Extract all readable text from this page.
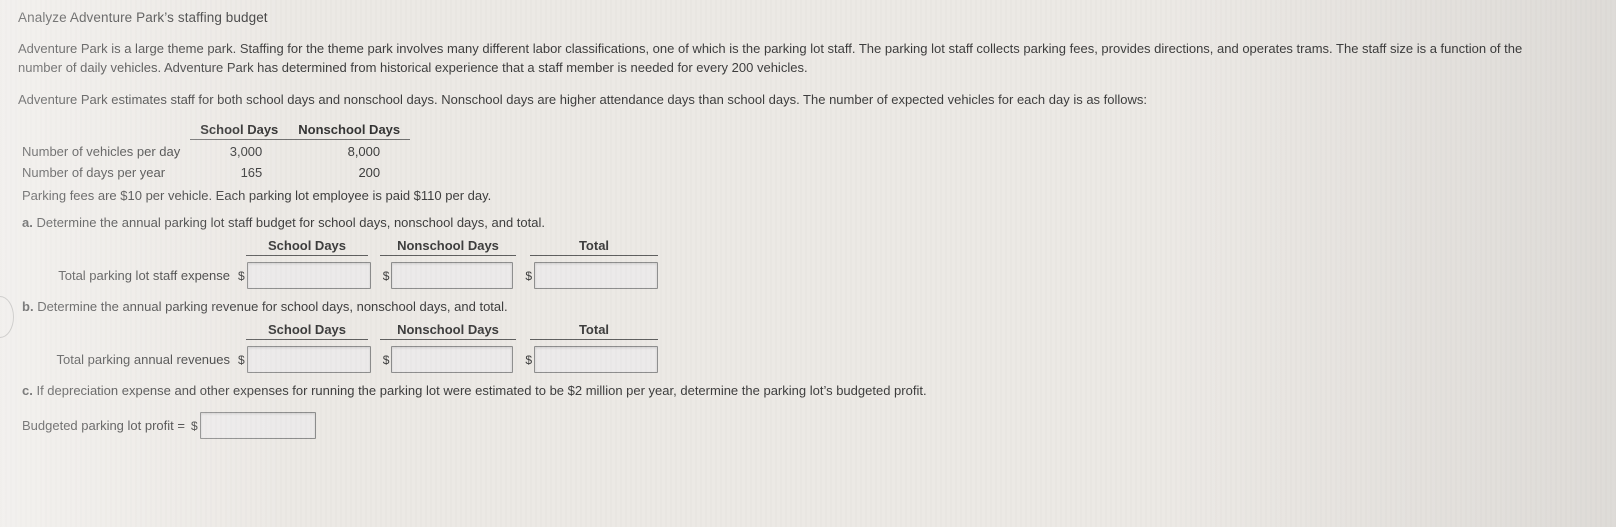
Analyze Adventure Park’s staffing budget

Adventure Park is a large theme park. Staffing for the theme park involves many different labor classifications, one of which is the parking lot staff. The parking lot staff collects parking fees, provides directions, and operates trams. The staff size is a function of the number of daily vehicles. Adventure Park has determined from historical experience that a staff member is needed for every 200 vehicles.

Adventure Park estimates staff for both school days and nonschool days. Nonschool days are higher attendance days than school days. The number of expected vehicles for each day is as follows:

	School Days	Nonschool Days
Number of vehicles per day	3,000	8,000
Number of days per year	165	200
Parking fees are $10 per vehicle. Each parking lot employee is paid $110 per day.
a. Determine the annual parking lot staff budget for school days, nonschool days, and total.
School Days	Nonschool Days	Total
Total parking lot staff expense $	$	$
b. Determine the annual parking revenue for school days, nonschool days, and total.
School Days	Nonschool Days	Total
Total parking annual revenues $	$	$
c. If depreciation expense and other expenses for running the parking lot were estimated to be $2 million per year, determine the parking lot’s budgeted profit.
Budgeted parking lot profit = $
